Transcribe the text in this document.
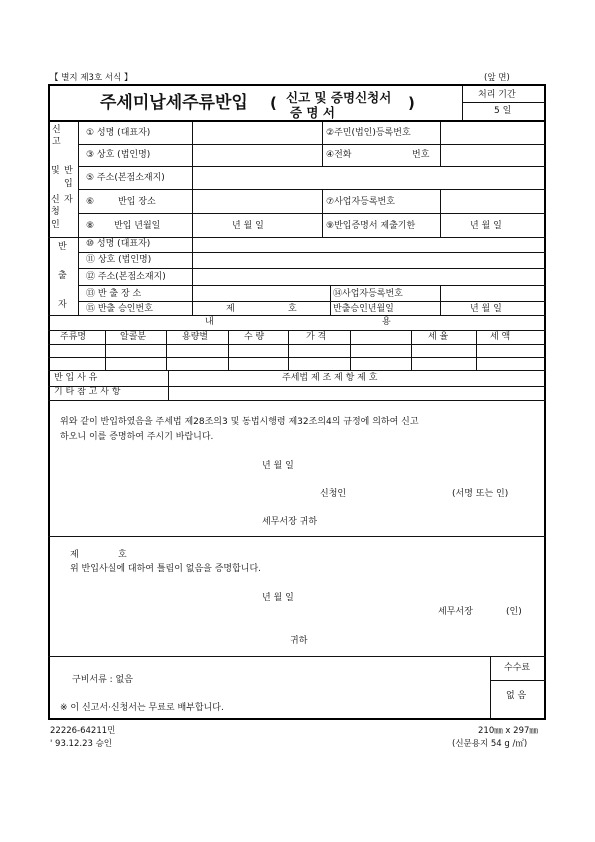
【 별지 제3호 서식 】	(앞 면)
주세미납세주류반입 ( 신고 및 증명신청서
증 명 서
)	처리 기간
5 일
신
고
및 반
입
신 자
청
인
① 성명 (대표자)	②주민(법인)등록번호
③ 상호 (법인명)	④전화	번호
⑤ 주소(본점소재지)
⑥	반입 장소	⑦사업자등록번호
⑧ 반입 년월일	년 월 일	⑨반입증명서 제출기한	년 월 일
반
출
자
⑩ 성명 (대표자)
⑪ 상호 (법인명)
⑫ 주소(본점소재지)
⑬ 반 출 장 소	⑭사업자등록번호
⑮ 반출 승인번호	제	호	반출승인년월일	년 월 일
내	용
주류명	알콜분	용량별	수 량	가 격	세 율	세 액
반 입 사 유	주세법 제 조 제 항 제 호
기 타 참 고 사 항
위와 같이 반입하였음을 주세법 제28조의3 및 동법시행령 제32조의4의 규정에 의하여 신고
하오니 이를 증명하여 주시기 바랍니다.
년 월 일
신청인	(서명 또는 인)
세무서장 귀하
제	호
위 반입사실에 대하여 틀림이 없음을 증명합니다.
년 월 일
세무서장	(인)
귀하
구비서류 : 없음
※ 이 신고서·신청서는 무료로 배부합니다.
수수료
없 음
22226-64211민
' 93.12.23 승인
210㎜ x 297㎜
(신문용지 54 g /㎡)
